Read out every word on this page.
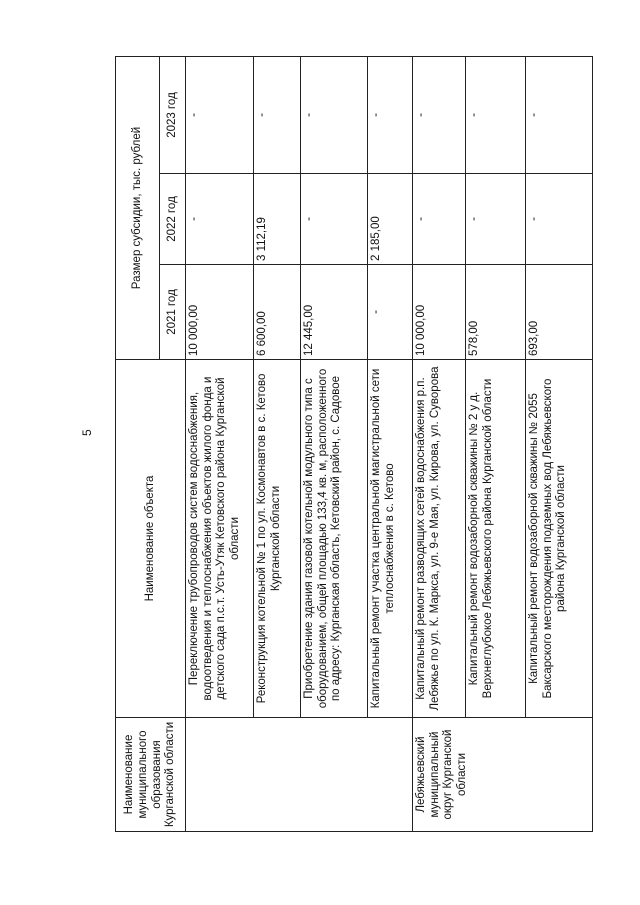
5
Наименование муниципального образования Курганской области	Наименование объекта	Размер субсидии, тыс. рублей		
		2021 год	2022 год	2023 год
	Переключение трубопроводов систем водоснабжения, водоотведения и теплоснабжения объектов жилого фонда и детского сада п.с.т. Усть-Утяк Кетовского района Курганской области	10 000,00	-	-
	Реконструкция котельной № 1 по ул. Космонавтов в с. Кетово Курганской области	6 600,00	3 112,19	-
	Приобретение здания газовой котельной модульного типа с оборудованием, общей площадью 133,4 кв. м, расположенного по адресу: Курганская область, Кетовский район, с. Садовое	12 445,00	-	-
	Капитальный ремонт участка центральной магистральной сети теплоснабжения в с. Кетово	-	2 185,00	-
Лебяжьевский муниципальный округ Курганской области	Капитальный ремонт разводящих сетей водоснабжения р.п. Лебяжье по ул. К. Маркса, ул. 9-е Мая, ул. Кирова, ул. Суворова	10 000,00	-	-
	Капитальный ремонт водозаборной скважины № 2 у д. Верхнеглубокое Лебяжьевского района Курганской области	578,00	-	-
	Капитальный ремонт водозаборной скважины № 2055 Баксарского месторождения подземных вод Лебяжьевского района Курганской области	693,00	-	-
